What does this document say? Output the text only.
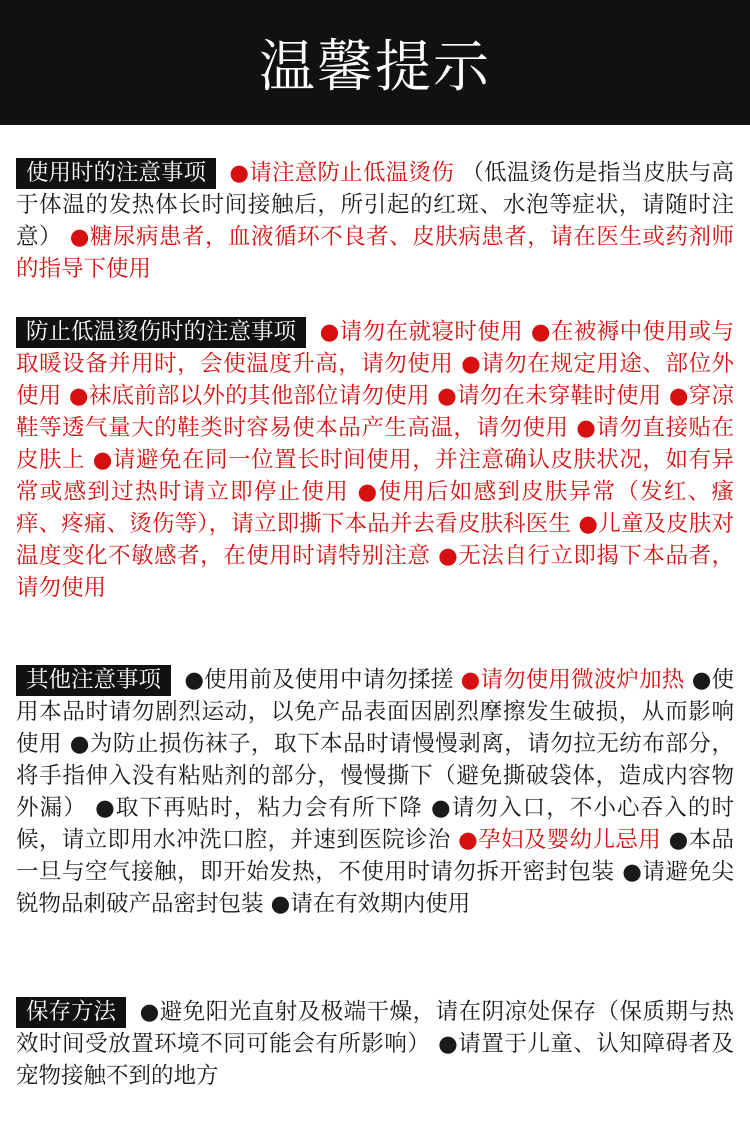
温馨提示

使用时的注意事项 ●请注意防止低温烫伤 （低温烫伤是指当皮肤与高于体温的发热体长时间接触后，所引起的红斑、水泡等症状，请随时注意） ●糖尿病患者，血液循环不良者、皮肤病患者，请在医生或药剂师的指导下使用

防止低温烫伤时的注意事项 ●请勿在就寝时使用 ●在被褥中使用或与取暖设备并用时，会使温度升高，请勿使用 ●请勿在规定用途、部位外使用 ●袜底前部以外的其他部位请勿使用 ●请勿在未穿鞋时使用 ●穿凉鞋等透气量大的鞋类时容易使本品产生高温，请勿使用 ●请勿直接贴在皮肤上 ●请避免在同一位置长时间使用，并注意确认皮肤状况，如有异常或感到过热时请立即停止使用 ●使用后如感到皮肤异常（发红、瘙痒、疼痛、烫伤等），请立即撕下本品并去看皮肤科医生 ●儿童及皮肤对温度变化不敏感者，在使用时请特别注意 ●无法自行立即揭下本品者，请勿使用

其他注意事项 ●使用前及使用中请勿揉搓 ●请勿使用微波炉加热 ●使用本品时请勿剧烈运动，以免产品表面因剧烈摩擦发生破损，从而影响使用 ●为防止损伤袜子，取下本品时请慢慢剥离，请勿拉无纺布部分，将手指伸入没有粘贴剂的部分，慢慢撕下（避免撕破袋体，造成内容物外漏） ●取下再贴时，粘力会有所下降 ●请勿入口，不小心吞入的时候，请立即用水冲洗口腔，并速到医院诊治 ●孕妇及婴幼儿忌用 ●本品一旦与空气接触，即开始发热，不使用时请勿拆开密封包装 ●请避免尖锐物品刺破产品密封包装 ●请在有效期内使用

保存方法 ●避免阳光直射及极端干燥，请在阴凉处保存（保质期与热效时间受放置环境不同可能会有所影响） ●请置于儿童、认知障碍者及宠物接触不到的地方
